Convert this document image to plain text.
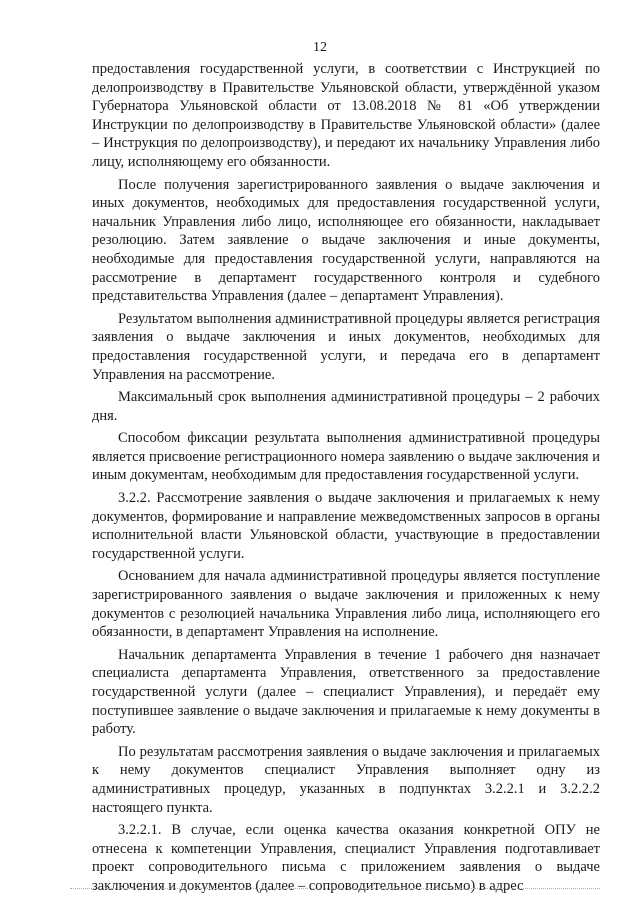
12

предоставления государственной услуги, в соответствии с Инструкцией по делопроизводству в Правительстве Ульяновской области, утверждённой указом Губернатора Ульяновской области от 13.08.2018 № 81 «Об утверждении Инструкции по делопроизводству в Правительстве Ульяновской области» (далее – Инструкция по делопроизводству), и передают их начальнику Управления либо лицу, исполняющему его обязанности.

После получения зарегистрированного заявления о выдаче заключения и иных документов, необходимых для предоставления государственной услуги, начальник Управления либо лицо, исполняющее его обязанности, накладывает резолюцию. Затем заявление о выдаче заключения и иные документы, необходимые для предоставления государственной услуги, направляются на рассмотрение в департамент государственного контроля и судебного представительства Управления (далее – департамент Управления).

Результатом выполнения административной процедуры является регистрация заявления о выдаче заключения и иных документов, необходимых для предоставления государственной услуги, и передача его в департамент Управления на рассмотрение.

Максимальный срок выполнения административной процедуры – 2 рабочих дня.

Способом фиксации результата выполнения административной процедуры является присвоение регистрационного номера заявлению о выдаче заключения и иным документам, необходимым для предоставления государственной услуги.

3.2.2. Рассмотрение заявления о выдаче заключения и прилагаемых к нему документов, формирование и направление межведомственных запросов в органы исполнительной власти Ульяновской области, участвующие в предоставлении государственной услуги.

Основанием для начала административной процедуры является поступление зарегистрированного заявления о выдаче заключения и приложенных к нему документов с резолюцией начальника Управления либо лица, исполняющего его обязанности, в департамент Управления на исполнение.

Начальник департамента Управления в течение 1 рабочего дня назначает специалиста департамента Управления, ответственного за предоставление государственной услуги (далее – специалист Управления), и передаёт ему поступившее заявление о выдаче заключения и прилагаемые к нему документы в работу.

По результатам рассмотрения заявления о выдаче заключения и прилагаемых к нему документов специалист Управления выполняет одну из административных процедур, указанных в подпунктах 3.2.2.1 и 3.2.2.2 настоящего пункта.

3.2.2.1. В случае, если оценка качества оказания конкретной ОПУ не отнесена к компетенции Управления, специалист Управления подготавливает проект сопроводительного письма с приложением заявления о выдаче заключения и документов (далее – сопроводительное письмо) в адрес
